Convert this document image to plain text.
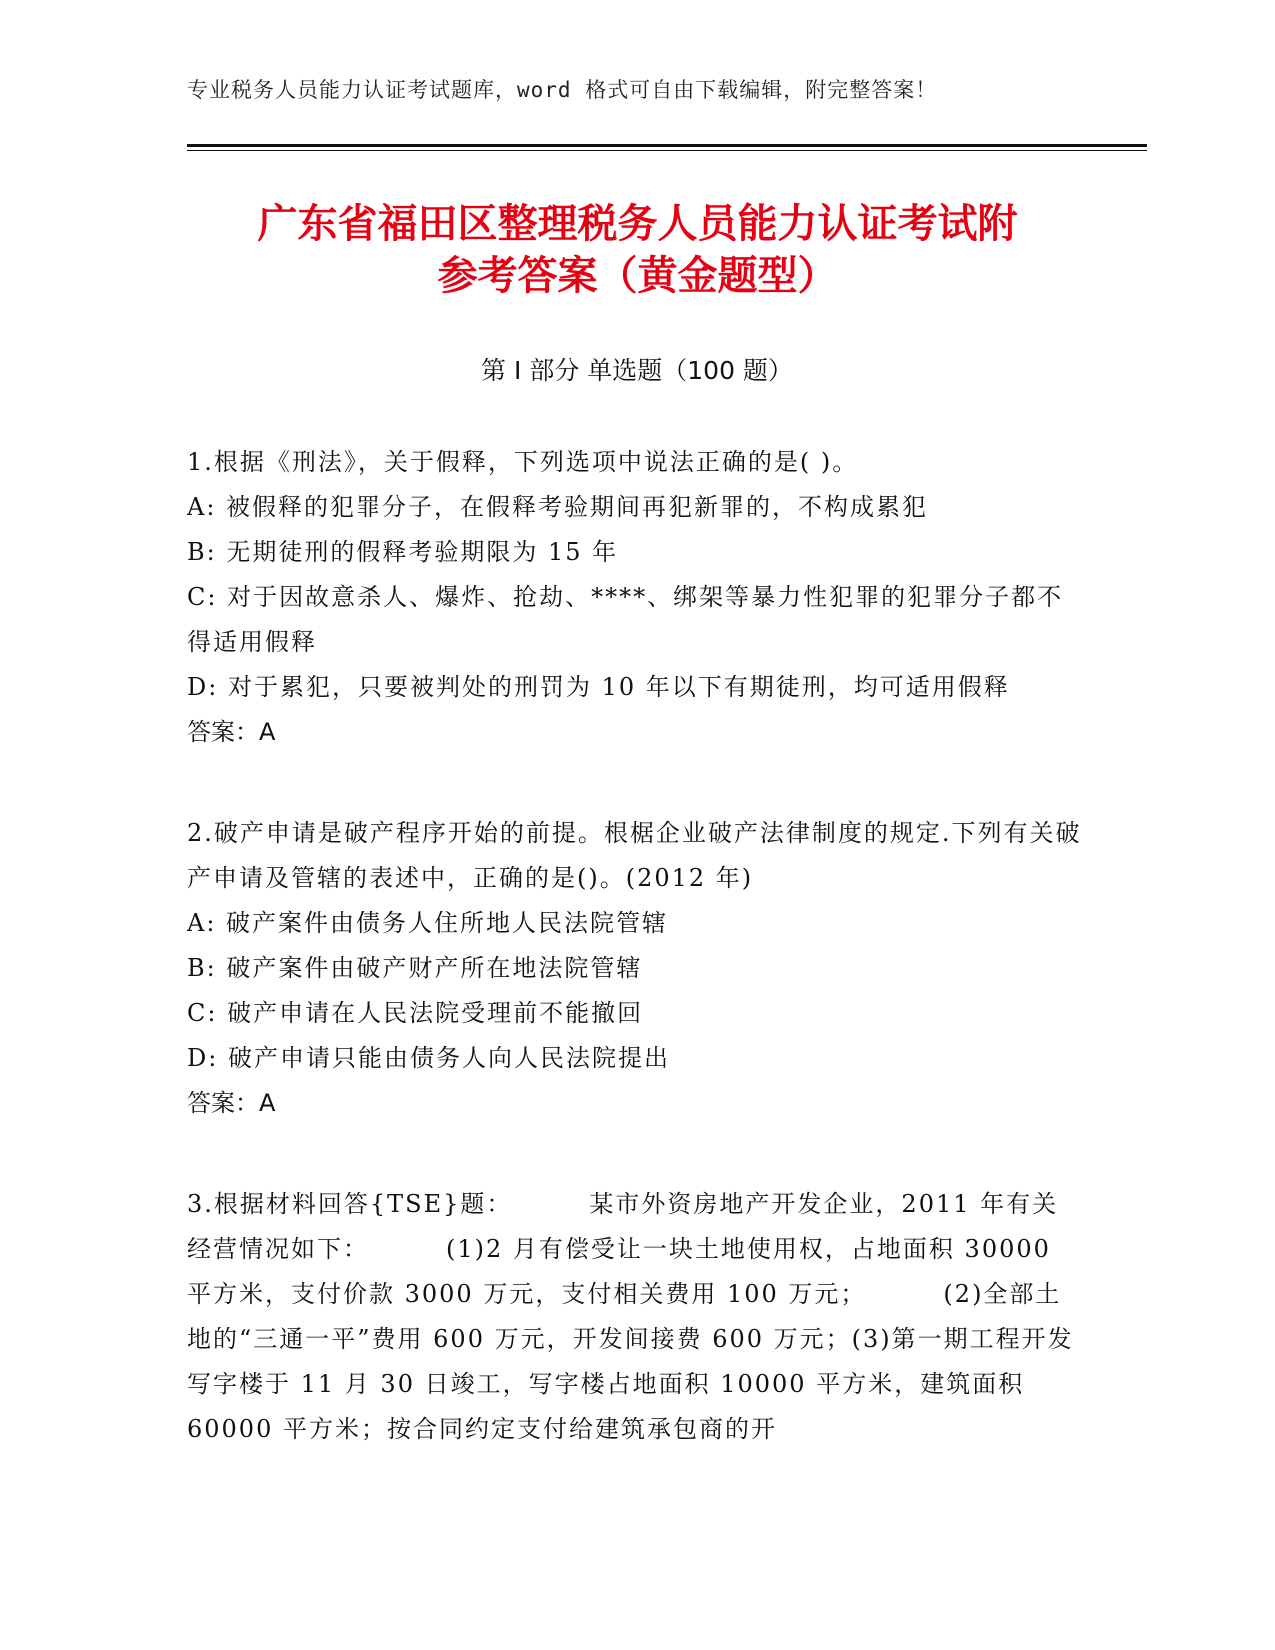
专业税务人员能力认证考试题库，word 格式可自由下载编辑，附完整答案！
广东省福田区整理税务人员能力认证考试附
参考答案（黄金题型）
第 I 部分 单选题（100 题）

1.根据《刑法》，关于假释，下列选项中说法正确的是( )。

A: 被假释的犯罪分子，在假释考验期间再犯新罪的，不构成累犯

B: 无期徒刑的假释考验期限为 15 年

C: 对于因故意杀人、爆炸、抢劫、****、绑架等暴力性犯罪的犯罪分子都不得适用假释

D: 对于累犯，只要被判处的刑罚为 10 年以下有期徒刑，均可适用假释

答案：A

2.破产申请是破产程序开始的前提。根椐企业破产法律制度的规定.下列有关破产申请及管辖的表述中，正确的是()。(2012 年)

A: 破产案件由债务人住所地人民法院管辖

B: 破产案件由破产财产所在地法院管辖

C: 破产申请在人民法院受理前不能撤回

D: 破产申请只能由债务人向人民法院提出

答案：A

3.根据材料回答{TSE}题：        某市外资房地产开发企业，2011 年有关经营情况如下：        (1)2 月有偿受让一块土地使用权，占地面积 30000 平方米，支付价款 3000 万元，支付相关费用 100 万元；        (2)全部土地的“三通一平”费用 600 万元，开发间接费 600 万元；(3)第一期工程开发写字楼于 11 月 30 日竣工，写字楼占地面积 10000 平方米，建筑面积 60000 平方米；按合同约定支付给建筑承包商的开
